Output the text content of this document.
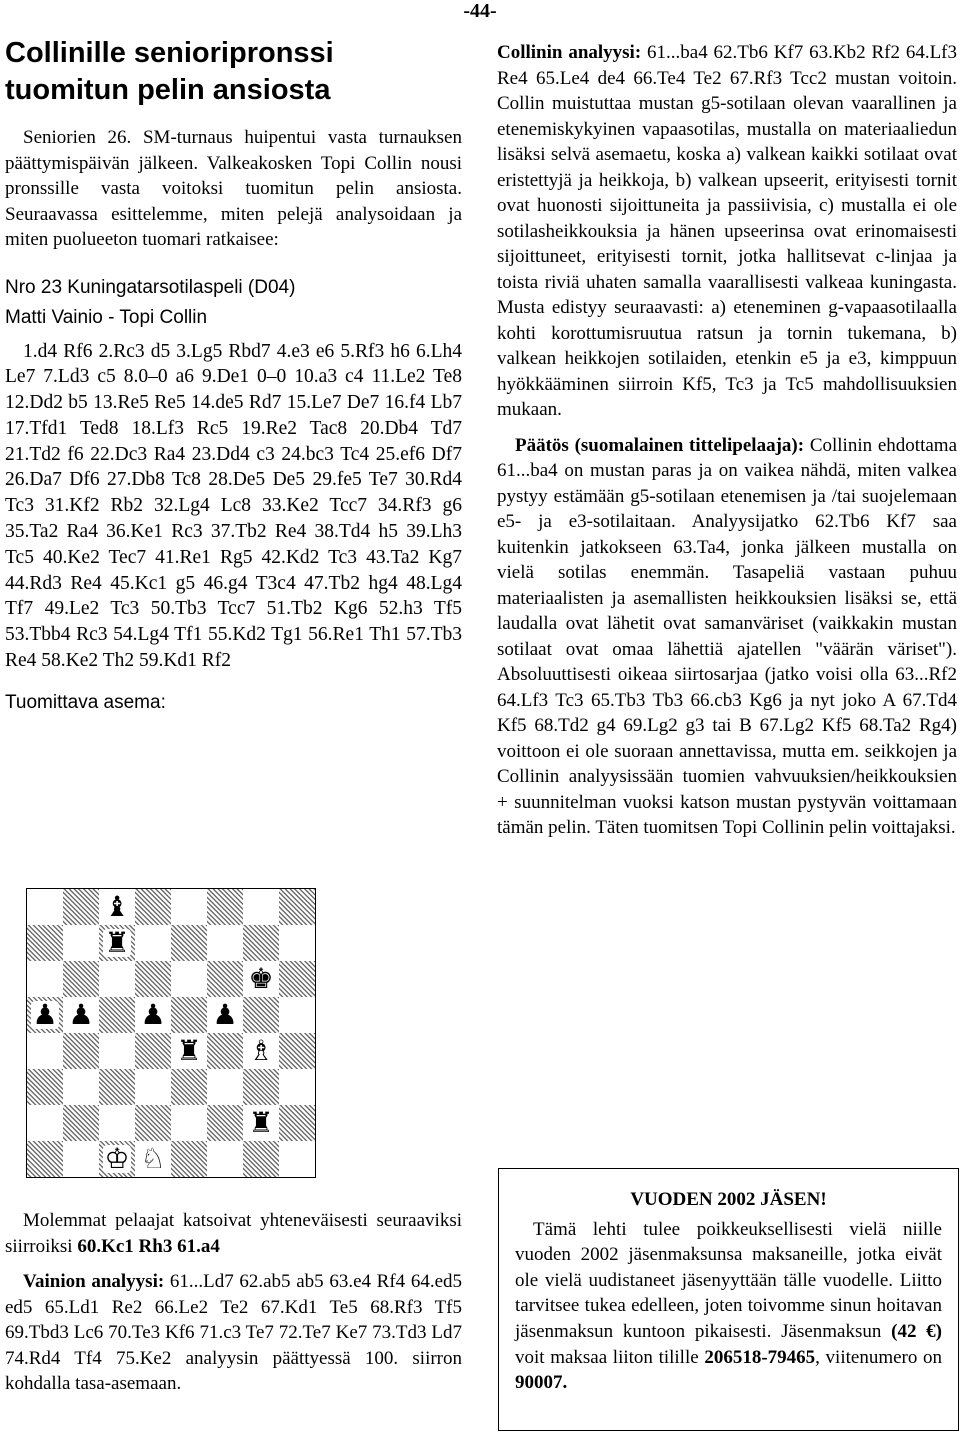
-44-
Collinille senioripronssi tuomitun pelin ansiosta

Seniorien 26. SM-turnaus huipentui vasta turnauksen päättymispäivän jälkeen. Valkeakosken Topi Collin nousi pronssille vasta voitoksi tuomitun pelin ansiosta. Seuraavassa esittelemme, miten pelejä analysoidaan ja miten puolueeton tuomari ratkaisee:

Nro 23 Kuningatarsotilaspeli (D04)
Matti Vainio - Topi Collin

1.d4 Rf6 2.Rc3 d5 3.Lg5 Rbd7 4.e3 e6 5.Rf3 h6 6.Lh4 Le7 7.Ld3 c5 8.0–0 a6 9.De1 0–0 10.a3 c4 11.Le2 Te8 12.Dd2 b5 13.Re5 Re5 14.de5 Rd7 15.Le7 De7 16.f4 Lb7 17.Tfd1 Ted8 18.Lf3 Rc5 19.Re2 Tac8 20.Db4 Td7 21.Td2 f6 22.Dc3 Ra4 23.Dd4 c3 24.bc3 Tc4 25.ef6 Df7 26.Da7 Df6 27.Db8 Tc8 28.De5 De5 29.fe5 Te7 30.Rd4 Tc3 31.Kf2 Rb2 32.Lg4 Lc8 33.Ke2 Tcc7 34.Rf3 g6 35.Ta2 Ra4 36.Ke1 Rc3 37.Tb2 Re4 38.Td4 h5 39.Lh3 Tc5 40.Ke2 Tec7 41.Re1 Rg5 42.Kd2 Tc3 43.Ta2 Kg7 44.Rd3 Re4 45.Kc1 g5 46.g4 T3c4 47.Tb2 hg4 48.Lg4 Tf7 49.Le2 Tc3 50.Tb3 Tcc7 51.Tb2 Kg6 52.h3 Tf5 53.Tbb4 Rc3 54.Lg4 Tf1 55.Kd2 Tg1 56.Re1 Th1 57.Tb3 Re4 58.Ke2 Th2 59.Kd1 Rf2

Tuomittava asema:
♝
♜
♚
♟ ♟ ♟ ♟
♜ ♗
♜
♔ ♘

Molemmat pelaajat katsoivat yhteneväisesti seuraaviksi siirroiksi 60.Kc1 Rh3 61.a4

Vainion analyysi: 61...Ld7 62.ab5 ab5 63.e4 Rf4 64.ed5 ed5 65.Ld1 Re2 66.Le2 Te2 67.Kd1 Te5 68.Rf3 Tf5 69.Tbd3 Lc6 70.Te3 Kf6 71.c3 Te7 72.Te7 Ke7 73.Td3 Ld7 74.Rd4 Tf4 75.Ke2 analyysin päättyessä 100. siirron kohdalla tasa-asemaan.

Collinin analyysi: 61...ba4 62.Tb6 Kf7 63.Kb2 Rf2 64.Lf3 Re4 65.Le4 de4 66.Te4 Te2 67.Rf3 Tcc2 mustan voitoin. Collin muistuttaa mustan g5-sotilaan olevan vaarallinen ja etenemiskykyinen vapaasotilas, mustalla on materiaaliedun lisäksi selvä asemaetu, koska a) valkean kaikki sotilaat ovat eristettyjä ja heikkoja, b) valkean upseerit, erityisesti tornit ovat huonosti sijoittuneita ja passiivisia, c) mustalla ei ole sotilasheikkouksia ja hänen upseerinsa ovat erinomaisesti sijoittuneet, erityisesti tornit, jotka hallitsevat c-linjaa ja toista riviä uhaten samalla vaarallisesti valkeaa kuningasta. Musta edistyy seuraavasti: a) eteneminen g-vapaasotilaalla kohti korottumisruutua ratsun ja tornin tukemana, b) valkean heikkojen sotilaiden, etenkin e5 ja e3, kimppuun hyökkääminen siirroin Kf5, Tc3 ja Tc5 mahdollisuuksien mukaan.

Päätös (suomalainen tittelipelaaja): Collinin ehdottama 61...ba4 on mustan paras ja on vaikea nähdä, miten valkea pystyy estämään g5-sotilaan etenemisen ja /tai suojelemaan e5- ja e3-sotilaitaan. Analyysijatko 62.Tb6 Kf7 saa kuitenkin jatkokseen 63.Ta4, jonka jälkeen mustalla on vielä sotilas enemmän. Tasapeliä vastaan puhuu materiaalisten ja asemallisten heikkouksien lisäksi se, että laudalla ovat lähetit ovat samanväriset (vaikkakin mustan sotilaat ovat omaa lähettiä ajatellen "väärän väriset"). Absoluuttisesti oikeaa siirtosarjaa (jatko voisi olla 63...Rf2 64.Lf3 Tc3 65.Tb3 Tb3 66.cb3 Kg6 ja nyt joko A 67.Td4 Kf5 68.Td2 g4 69.Lg2 g3 tai B 67.Lg2 Kf5 68.Ta2 Rg4) voittoon ei ole suoraan annettavissa, mutta em. seikkojen ja Collinin analyysissään tuomien vahvuuksien/heikkouksien + suunnitelman vuoksi katson mustan pystyvän voittamaan tämän pelin. Täten tuomitsen Topi Collinin pelin voittajaksi.

VUODEN 2002 JÄSEN!

Tämä lehti tulee poikkeuksellisesti vielä niille vuoden 2002 jäsenmaksunsa maksaneille, jotka eivät ole vielä uudistaneet jäsenyyttään tälle vuodelle. Liitto tarvitsee tukea edelleen, joten toivomme sinun hoitavan jäsenmaksun kuntoon pikaisesti. Jäsenmaksun (42 €) voit maksaa liiton tilille 206518-79465, viitenumero on 90007.
